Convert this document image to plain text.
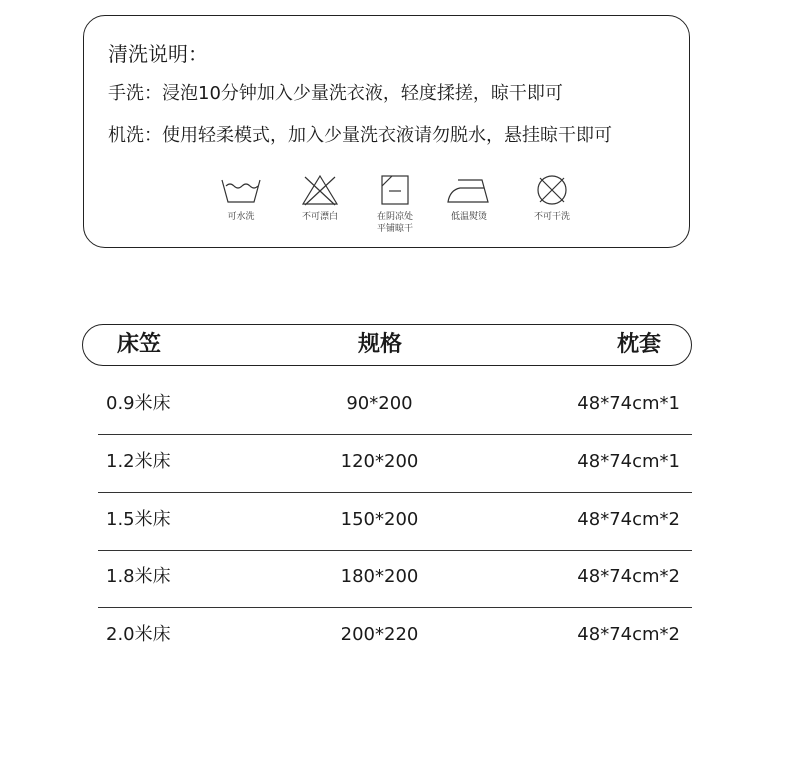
清洗说明：
手洗：浸泡10分钟加入少量洗衣液，轻度揉搓，晾干即可
机洗：使用轻柔模式，加入少量洗衣液请勿脱水，悬挂晾干即可
可水洗	不可漂白	在阴凉处平铺晾干
低温熨烫	不可干洗
床笠	规格	枕套
0.9米床	90*200	48*74cm*1
1.2米床	120*200	48*74cm*1
1.5米床	150*200	48*74cm*2
1.8米床	180*200	48*74cm*2
2.0米床	200*220	48*74cm*2
